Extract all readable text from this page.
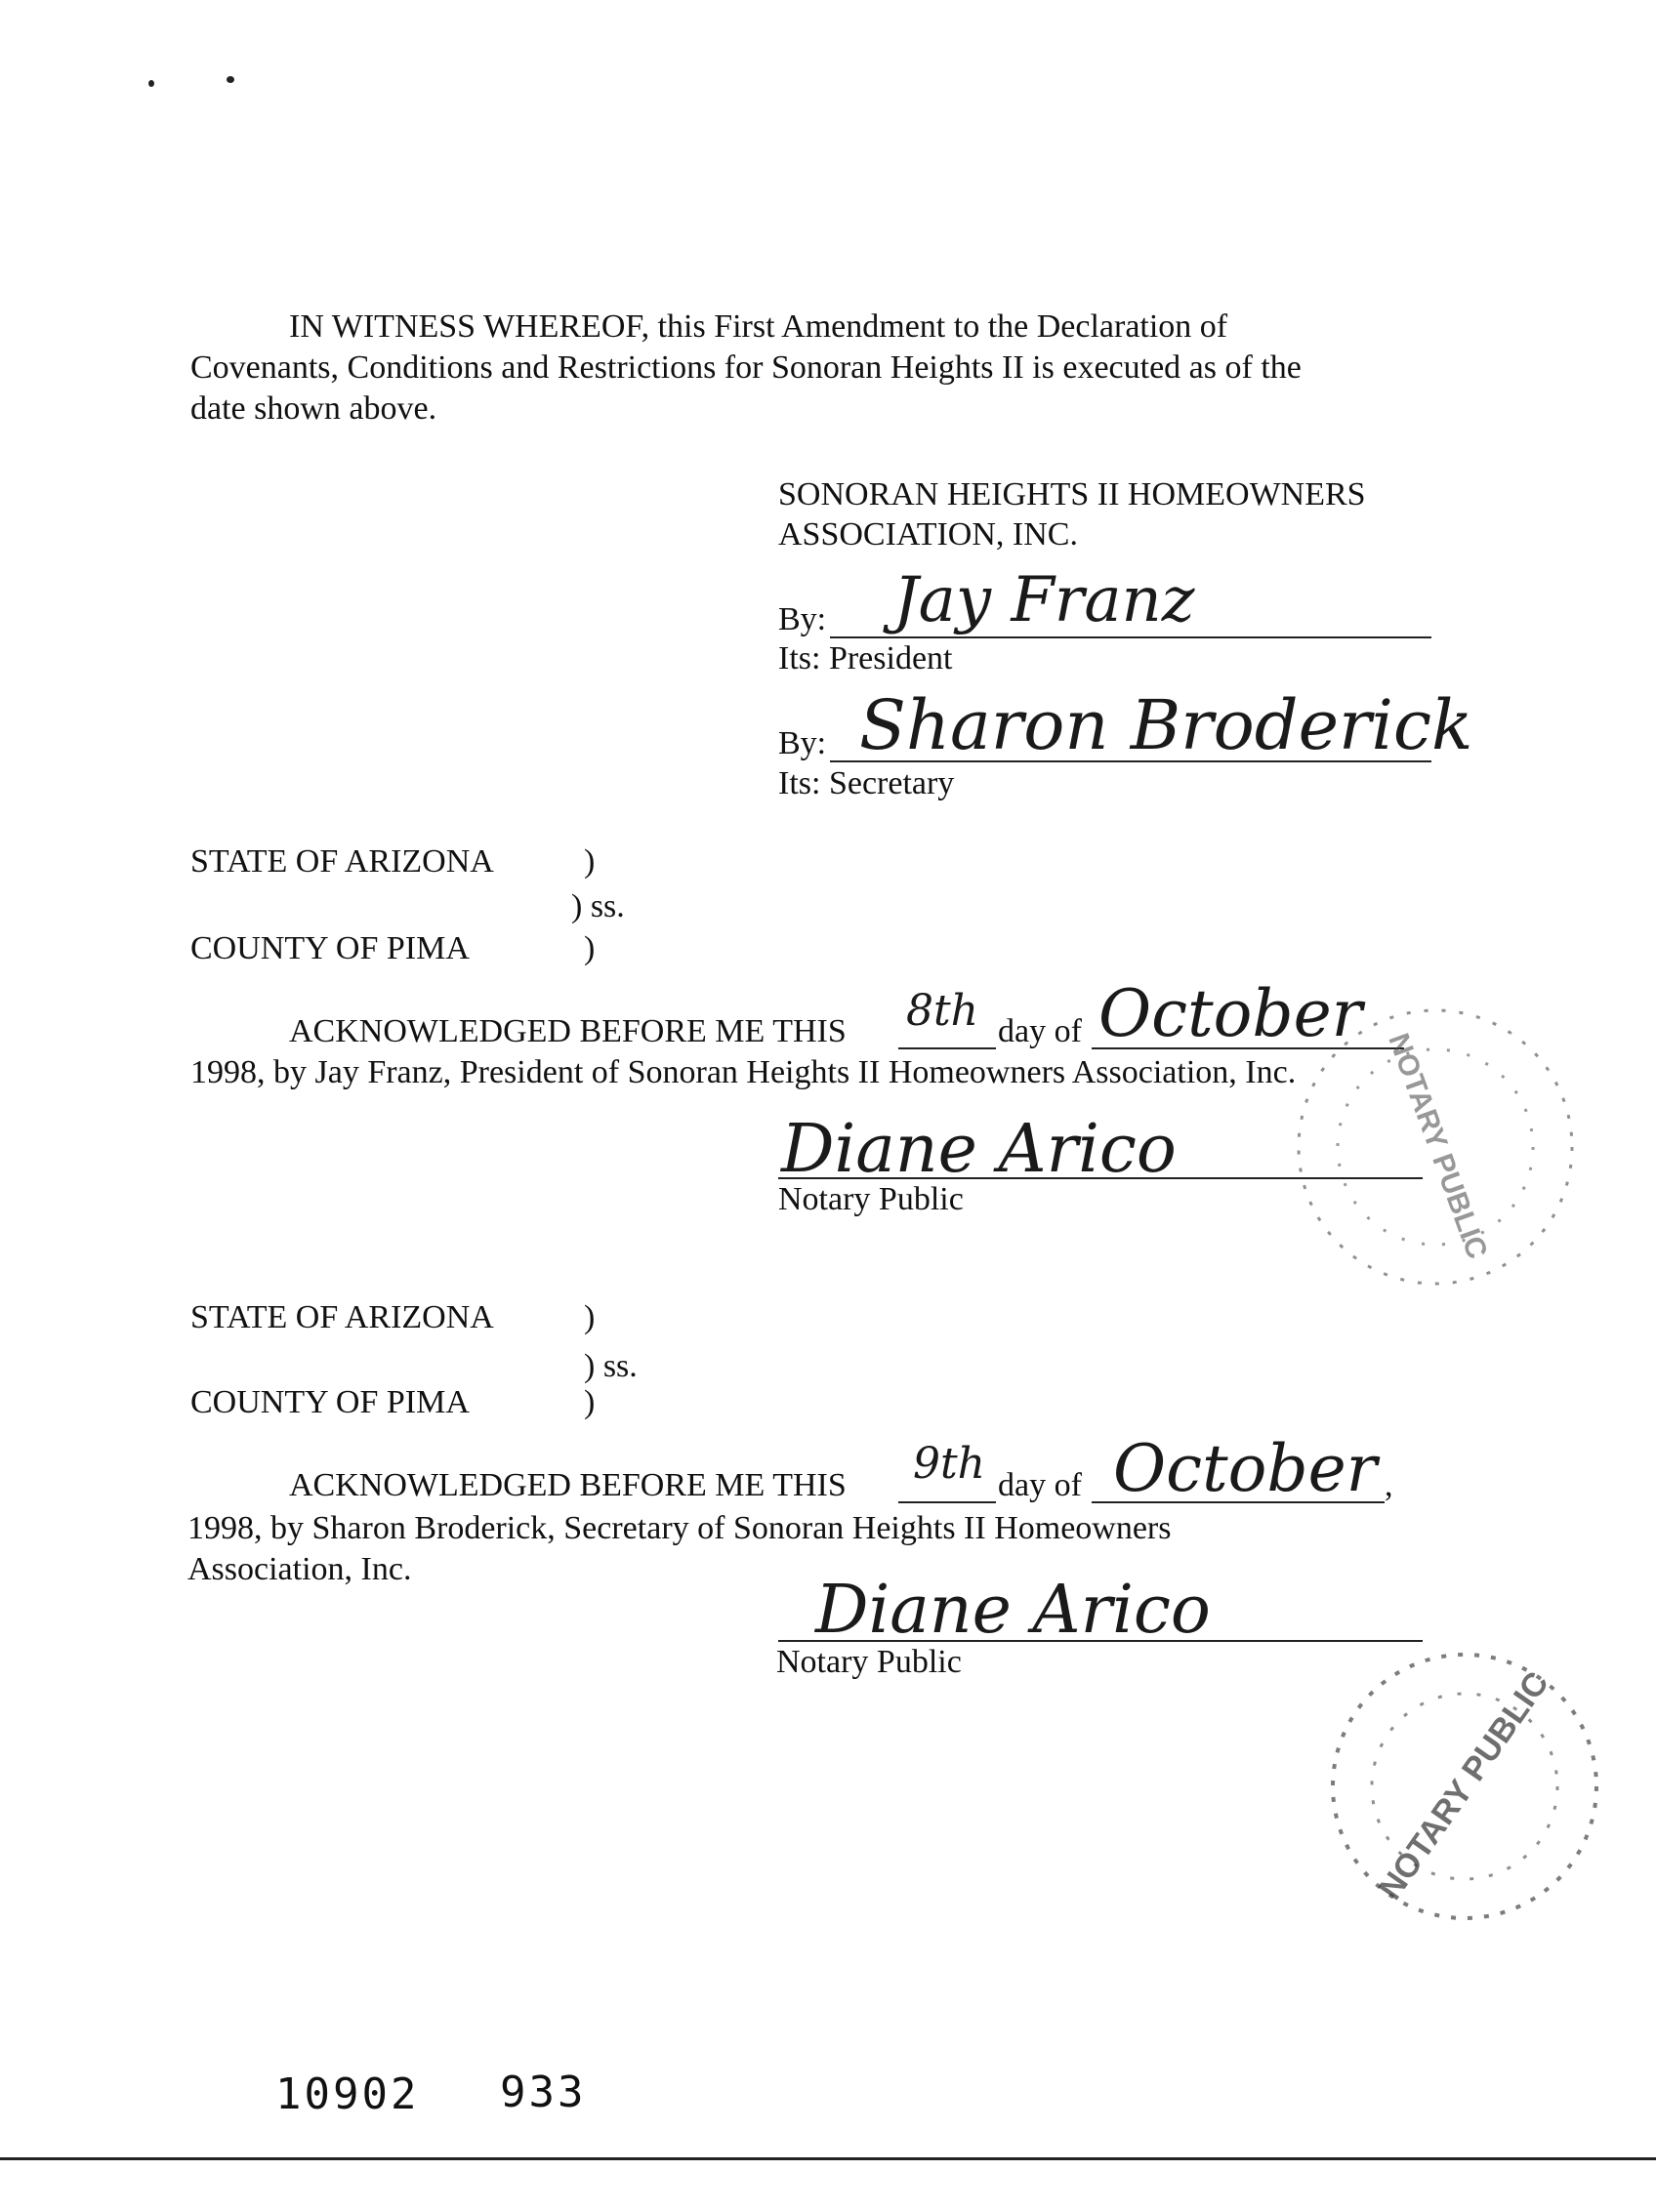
IN WITNESS WHEREOF, this First Amendment to the Declaration of
Covenants, Conditions and Restrictions for Sonoran Heights II is executed as of the
date shown above.
SONORAN HEIGHTS II HOMEOWNERS
ASSOCIATION, INC.
By: Jay Franz
Its: President
By: Sharon Broderick
Its: Secretary
STATE OF ARIZONA	)
) ss.
COUNTY OF PIMA	)
ACKNOWLEDGED BEFORE ME THIS 8th day of October
1998, by Jay Franz, President of Sonoran Heights II Homeowners Association, Inc.
Diane Arico
Notary Public	NOTARY PUBLIC
STATE OF ARIZONA	)
) ss.
COUNTY OF PIMA	)
ACKNOWLEDGED BEFORE ME THIS 9th day of October ,
1998, by Sharon Broderick, Secretary of Sonoran Heights II Homeowners
Association, Inc.
Diane Arico
Notary Public
NOTARY PUBLIC
10902 933
